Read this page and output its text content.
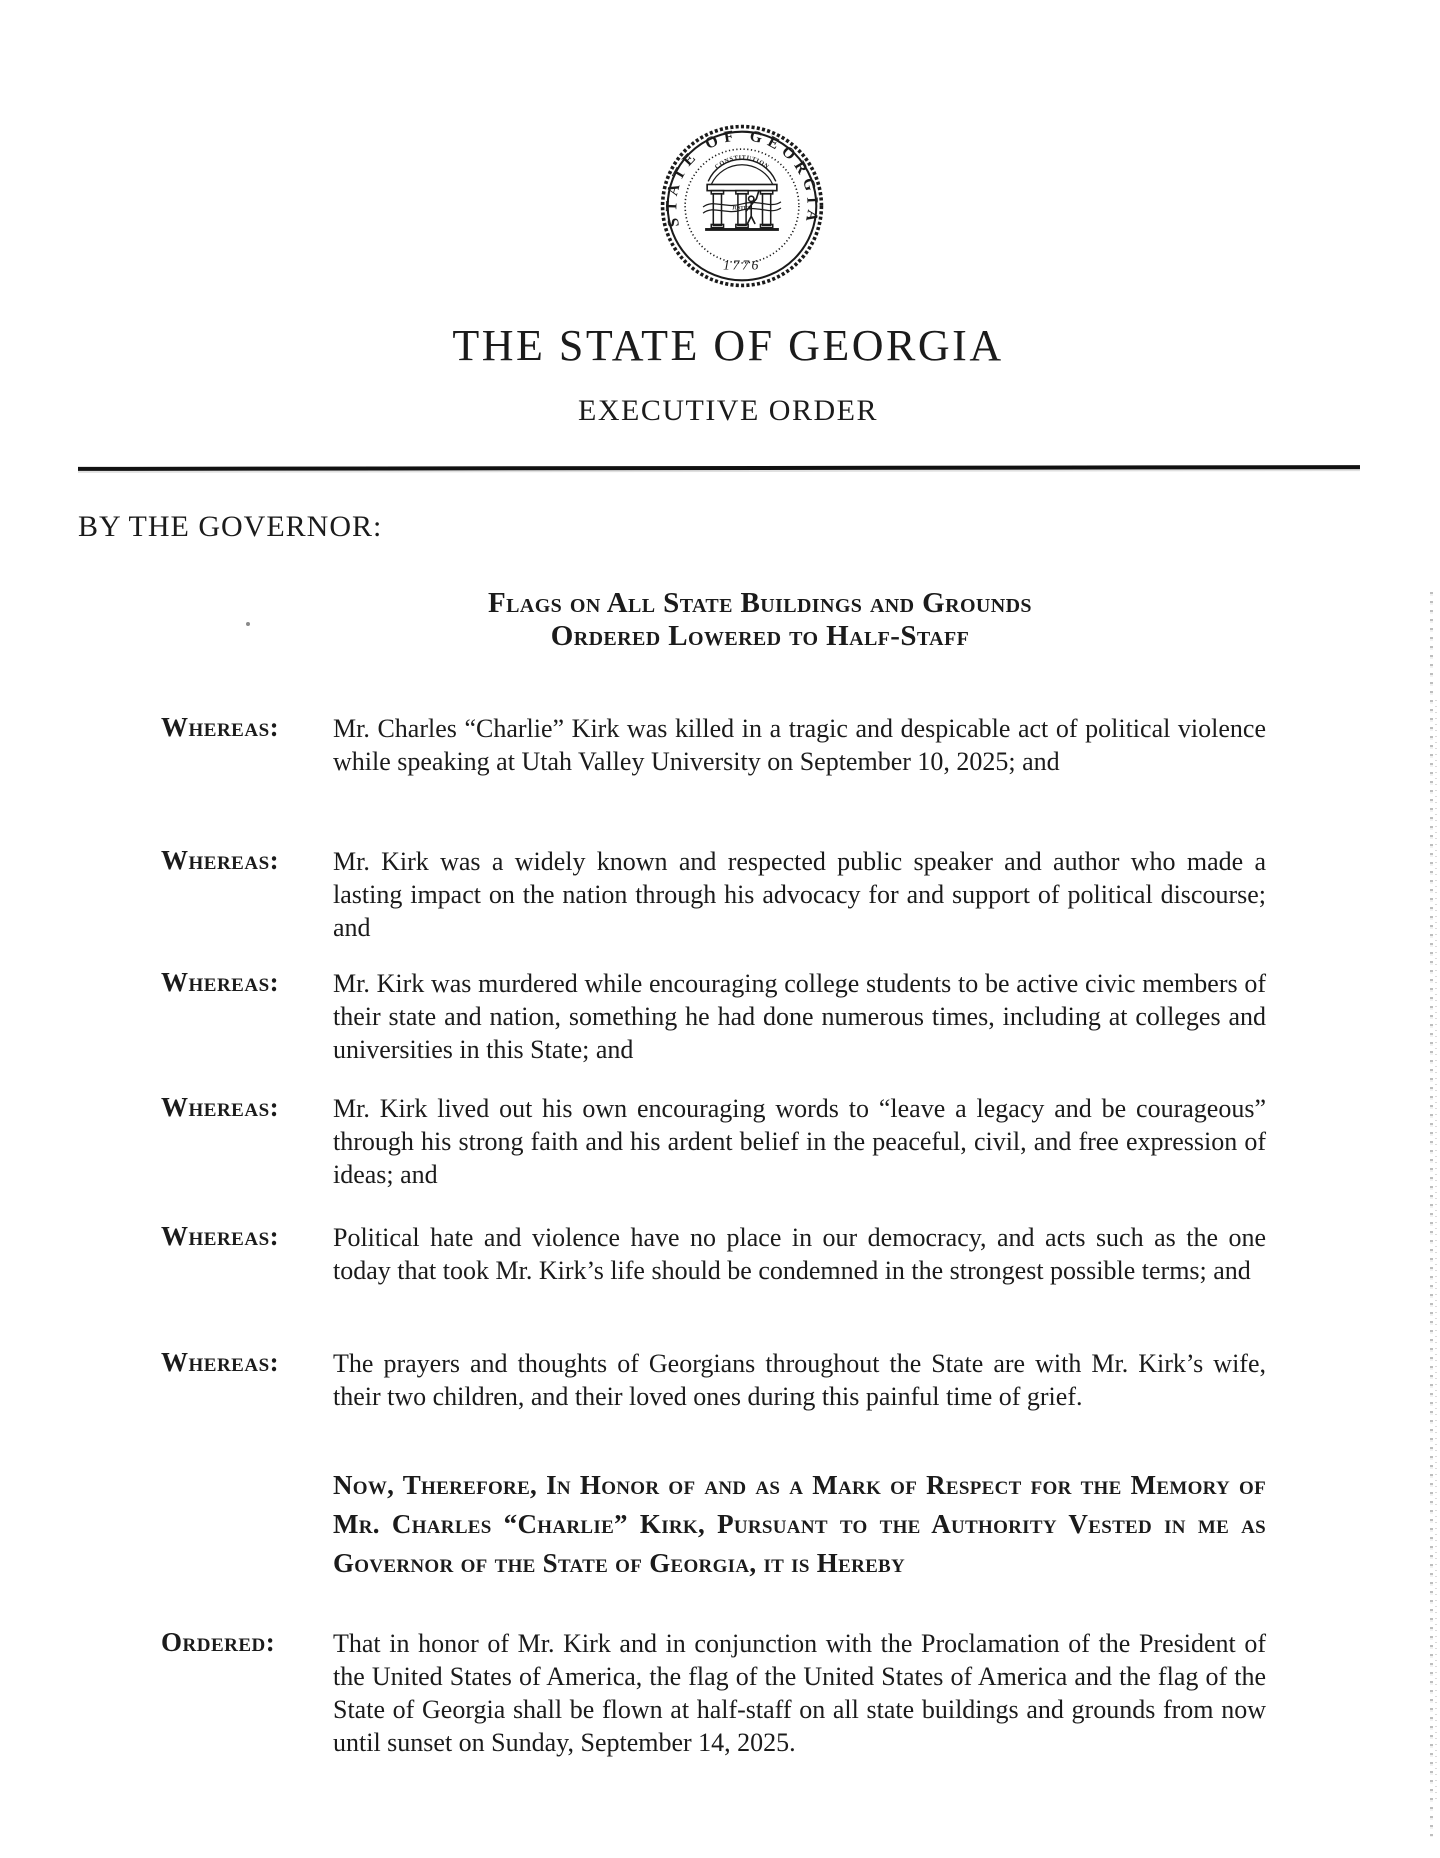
STATE OF GEORGIA
CONSTITUTION
JUSTICE
1776
THE STATE OF GEORGIA
EXECUTIVE ORDER

BY THE GOVERNOR:

Flags on All State Buildings and Grounds
Ordered Lowered to Half-Staff
Whereas: Mr. Charles “Charlie” Kirk was killed in a tragic and despicable act of political violence while speaking at Utah Valley University on September 10, 2025; and

Whereas: Mr. Kirk was a widely known and respected public speaker and author who made a lasting impact on the nation through his advocacy for and support of political discourse; and

Whereas: Mr. Kirk was murdered while encouraging college students to be active civic members of their state and nation, something he had done numerous times, including at colleges and universities in this State; and

Whereas: Mr. Kirk lived out his own encouraging words to “leave a legacy and be courageous” through his strong faith and his ardent belief in the peaceful, civil, and free expression of ideas; and

Whereas: Political hate and violence have no place in our democracy, and acts such as the one today that took Mr. Kirk’s life should be condemned in the strongest possible terms; and

Whereas: The prayers and thoughts of Georgians throughout the State are with Mr. Kirk’s wife, their two children, and their loved ones during this painful time of grief.

Now, Therefore, In Honor of and as a Mark of Respect for the Memory of Mr. Charles “Charlie” Kirk, Pursuant to the Authority Vested in me as Governor of the State of Georgia, it is Hereby

Ordered: That in honor of Mr. Kirk and in conjunction with the Proclamation of the President of the United States of America, the flag of the United States of America and the flag of the State of Georgia shall be flown at half-staff on all state buildings and grounds from now until sunset on Sunday, September 14, 2025.
